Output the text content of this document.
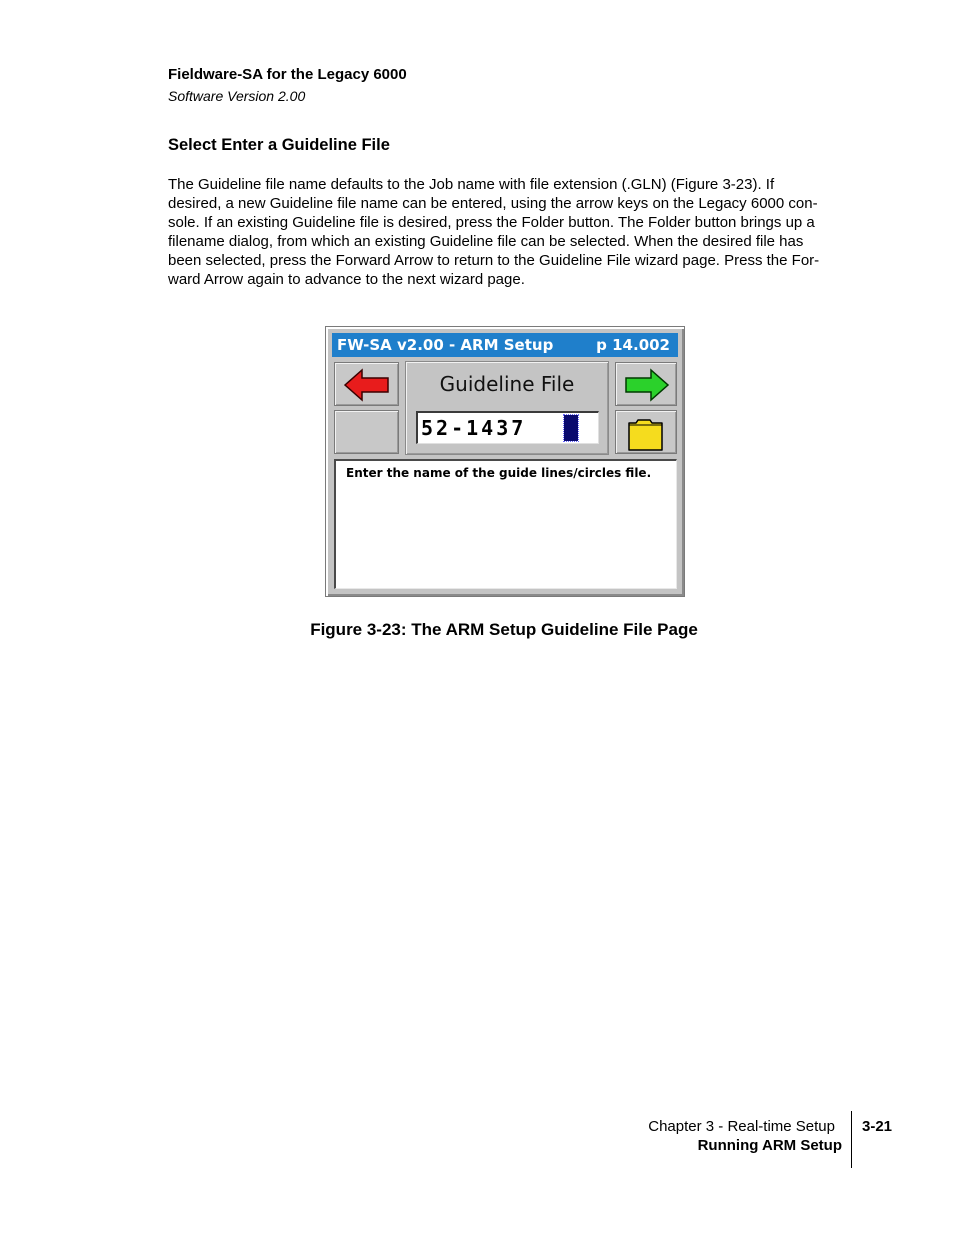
Fieldware-SA for the Legacy 6000
Software Version 2.00
Select Enter a Guideline File

The Guideline file name defaults to the Job name with file extension (.GLN) (Figure 3-23). If

desired, a new Guideline file name can be entered, using the arrow keys on the Legacy 6000 con-

sole. If an existing Guideline file is desired, press the Folder button. The Folder button brings up a

filename dialog, from which an existing Guideline file can be selected. When the desired file has

been selected, press the Forward Arrow to return to the Guideline File wizard page. Press the For-

ward Arrow again to advance to the next wizard page.

FW-SA v2.00 - ARM Setup	p 14.002
Guideline File
52-1437
Enter the name of the guide lines/circles file.
Figure 3-23: The ARM Setup Guideline File Page
Chapter 3 - Real-time Setup
Running ARM Setup
3-21
